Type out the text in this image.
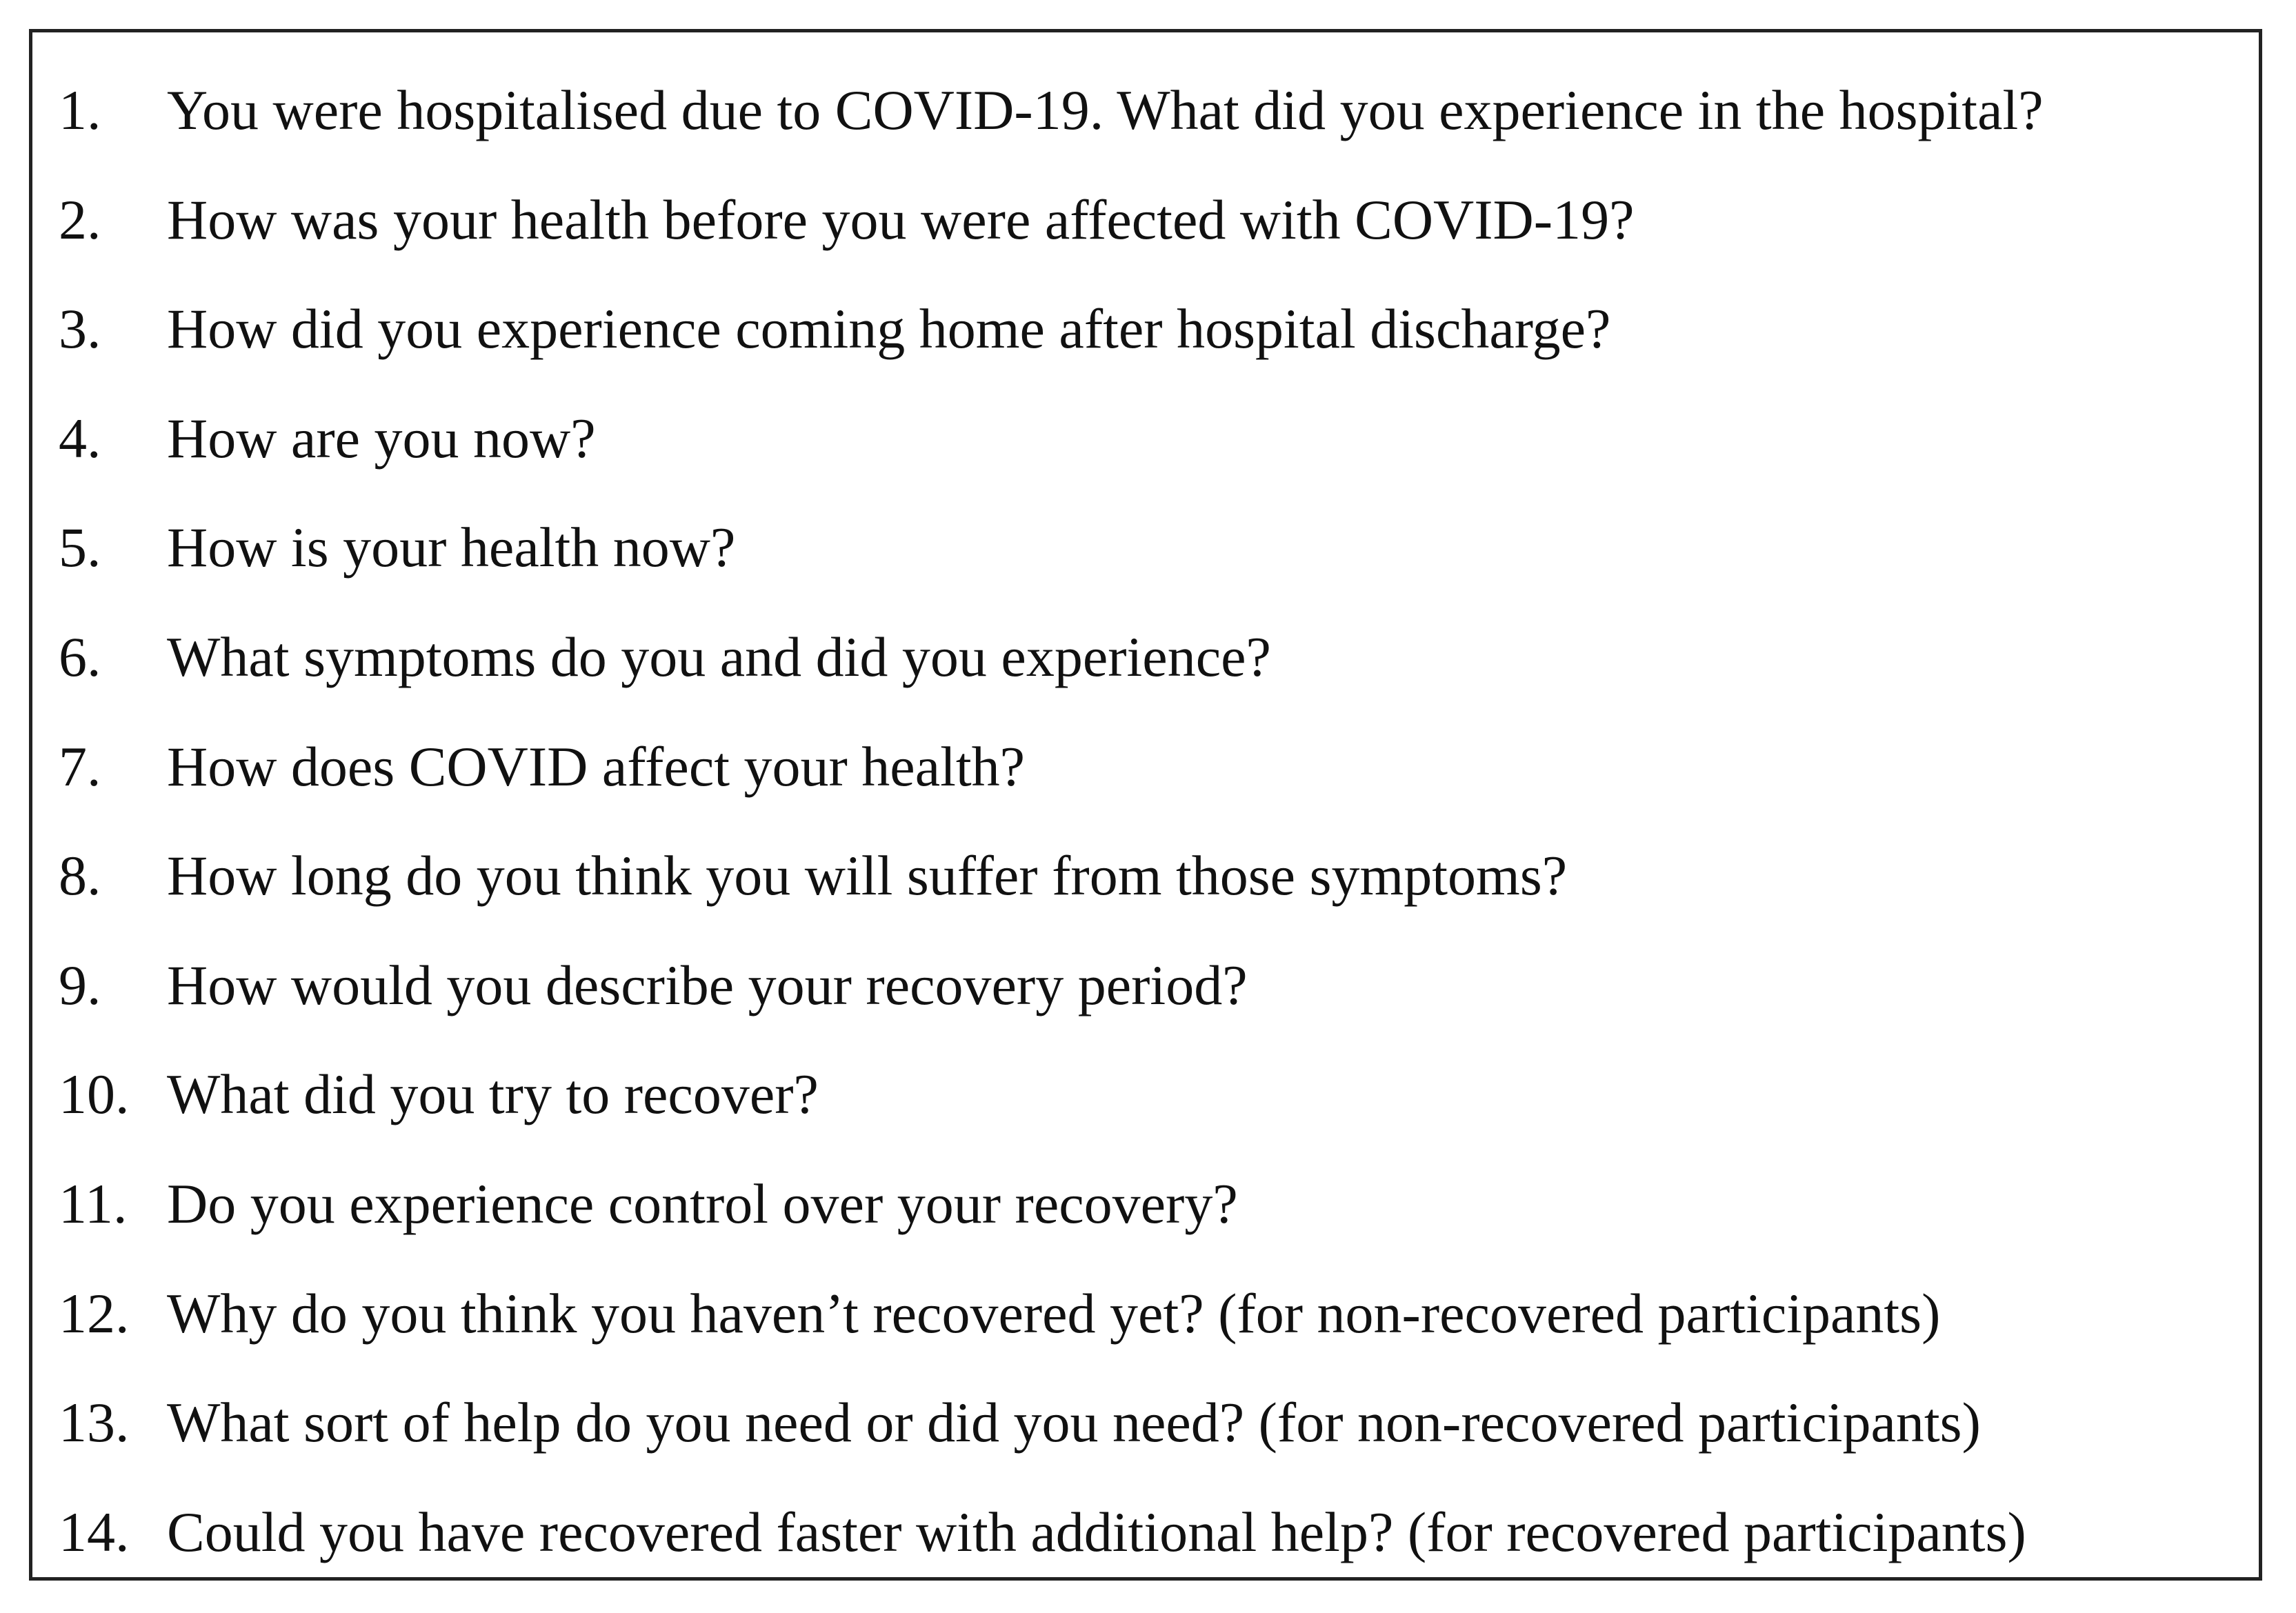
1.	You were hospitalised due to COVID-19. What did you experience in the hospital?
2.	How was your health before you were affected with COVID-19?
3.	How did you experience coming home after hospital discharge?
4.	How are you now?
5.	How is your health now?
6.	What symptoms do you and did you experience?
7.	How does COVID affect your health?
8.	How long do you think you will suffer from those symptoms?
9.	How would you describe your recovery period?
10. What did you try to recover?
11. Do you experience control over your recovery?
12. Why do you think you haven’t recovered yet? (for non-recovered participants)
13. What sort of help do you need or did you need? (for non-recovered participants)
14. Could you have recovered faster with additional help? (for recovered participants)
